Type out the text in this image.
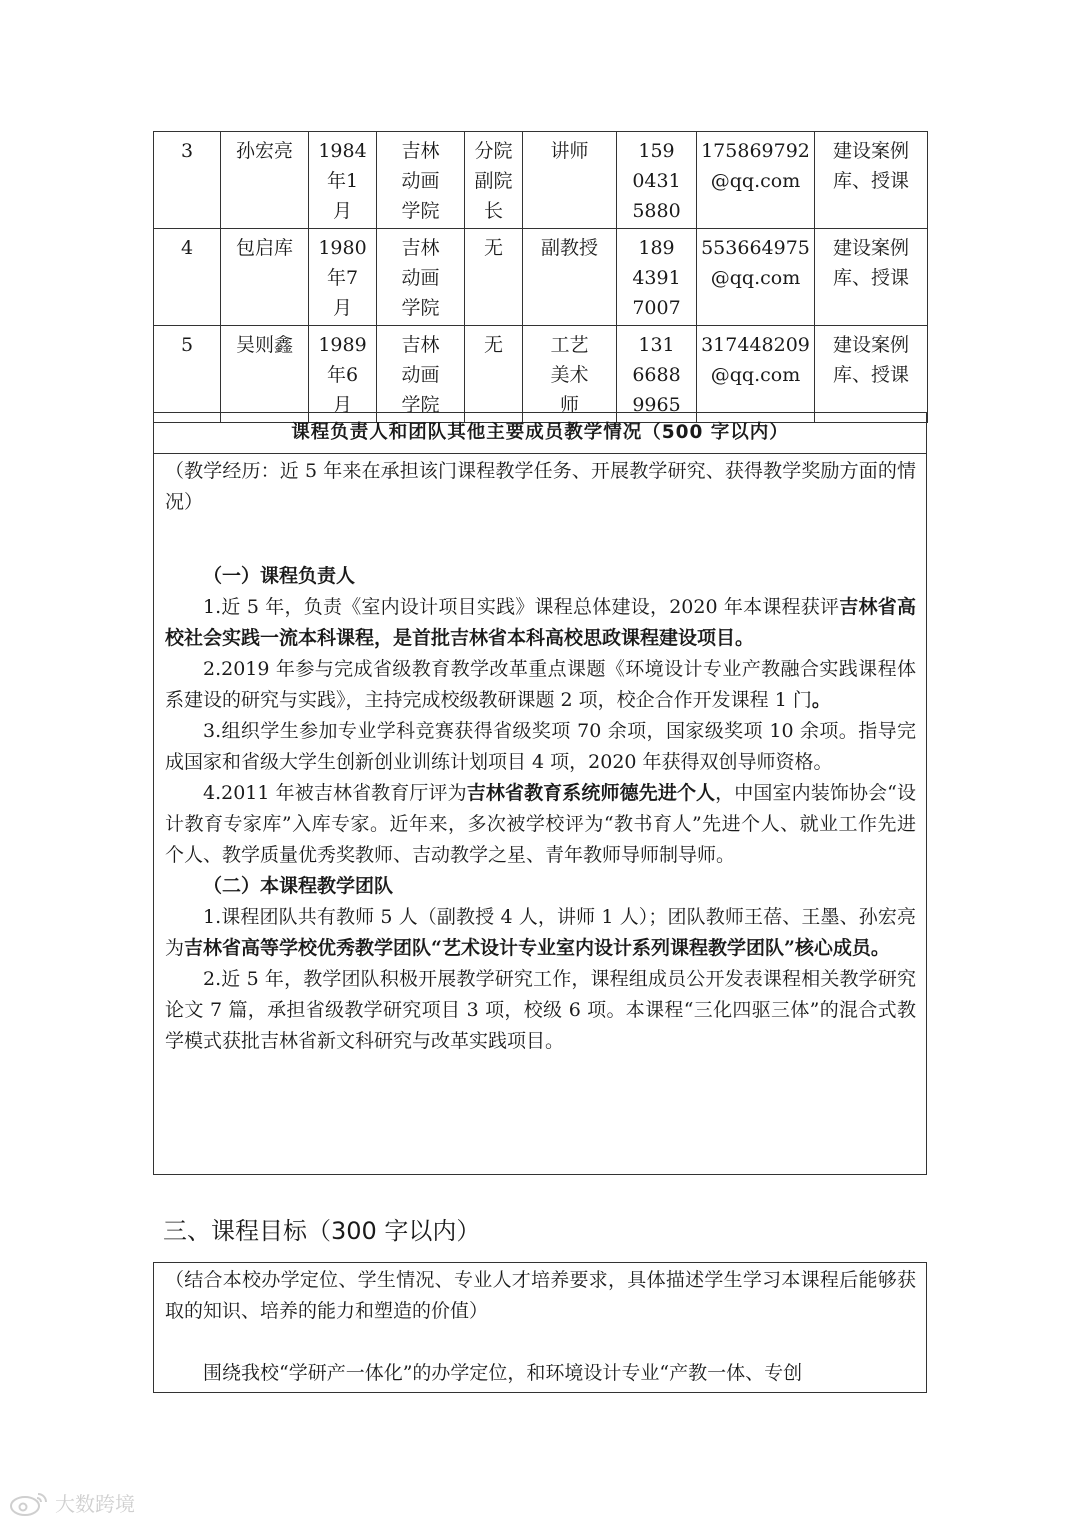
3	孙宏亮	1984
年1
月	吉林
动画
学院	分院
副院
长	讲师	159
0431
5880	175869792
@qq.com	建设案例
库、授课
4	包启库	1980
年7
月	吉林
动画
学院	无	副教授	189
4391
7007	553664975
@qq.com	建设案例
库、授课
5	吴则鑫	1989
年6
月	吉林
动画
学院	无	工艺
美术
师	131
6688
9965	317448209
@qq.com	建设案例
库、授课
课程负责人和团队其他主要成员教学情况（500 字以内）

（教学经历：近 5 年来在承担该门课程教学任务、开展教学研究、获得教学奖励方面的情况）

（一）课程负责人

1.近 5 年，负责《室内设计项目实践》课程总体建设，2020 年本课程获评吉林省高校社会实践一流本科课程，是首批吉林省本科高校思政课程建设项目。

2.2019 年参与完成省级教育教学改革重点课题《环境设计专业产教融合实践课程体系建设的研究与实践》，主持完成校级教研课题 2 项，校企合作开发课程 1 门。

3.组织学生参加专业学科竞赛获得省级奖项 70 余项，国家级奖项 10 余项。指导完成国家和省级大学生创新创业训练计划项目 4 项，2020 年获得双创导师资格。

4.2011 年被吉林省教育厅评为吉林省教育系统师德先进个人，中国室内装饰协会“设计教育专家库”入库专家。近年来，多次被学校评为“教书育人”先进个人、就业工作先进个人、教学质量优秀奖教师、吉动教学之星、青年教师导师制导师。

（二）本课程教学团队

1.课程团队共有教师 5 人（副教授 4 人，讲师 1 人）；团队教师王蓓、王墨、孙宏亮为吉林省高等学校优秀教学团队“艺术设计专业室内设计系列课程教学团队”核心成员。

2.近 5 年，教学团队积极开展教学研究工作，课程组成员公开发表课程相关教学研究论文 7 篇，承担省级教学研究项目 3 项，校级 6 项。本课程“三化四驱三体”的混合式教学模式获批吉林省新文科研究与改革实践项目。

三、课程目标（300 字以内）

（结合本校办学定位、学生情况、专业人才培养要求，具体描述学生学习本课程后能够获取的知识、培养的能力和塑造的价值）

围绕我校“学研产一体化”的办学定位，和环境设计专业“产教一体、专创

大数跨境
